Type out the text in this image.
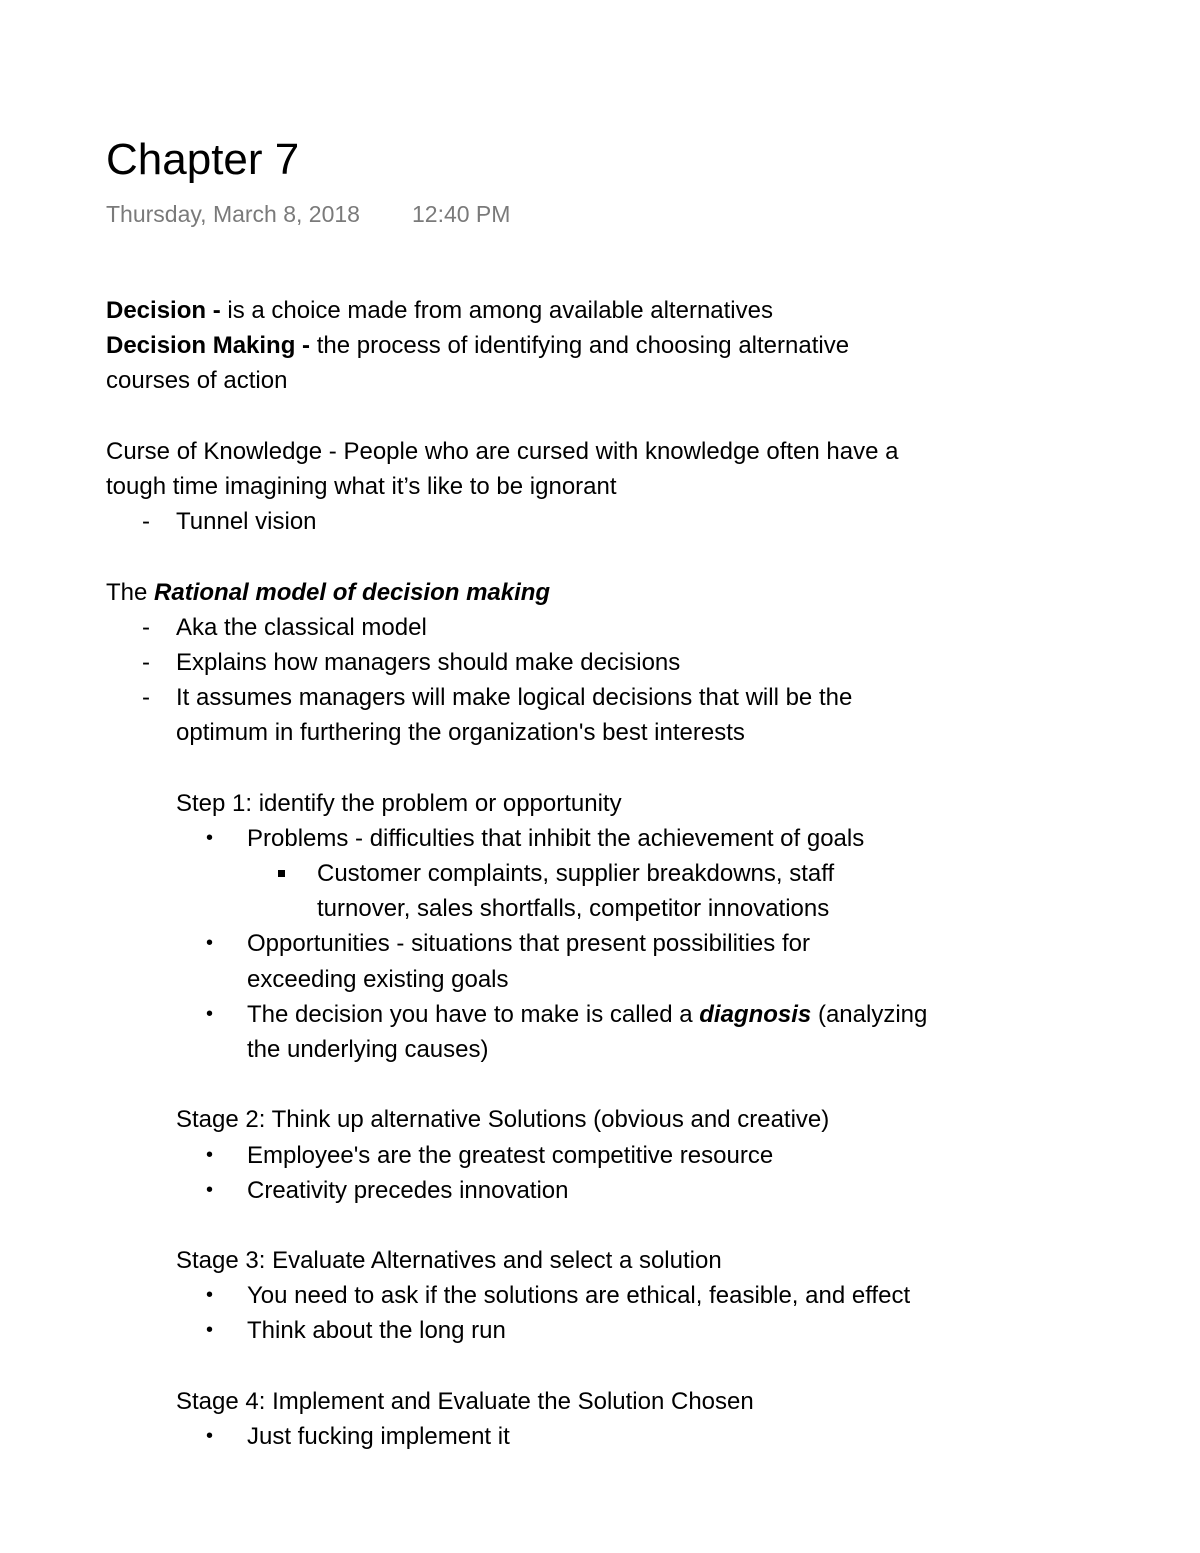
Chapter 7
Thursday, March 8, 2018 12:40 PM
Decision - is a choice made from among available alternatives
Decision Making - the process of identifying and choosing alternative
courses of action
Curse of Knowledge - People who are cursed with knowledge often have a
tough time imagining what it’s like to be ignorant
- Tunnel vision
The Rational model of decision making
- Aka the classical model
- Explains how managers should make decisions
- It assumes managers will make logical decisions that will be the
optimum in furthering the organization's best interests
Step 1: identify the problem or opportunity
• Problems - difficulties that inhibit the achievement of goals
Customer complaints, supplier breakdowns, staff
turnover, sales shortfalls, competitor innovations
• Opportunities - situations that present possibilities for
exceeding existing goals
• The decision you have to make is called a diagnosis (analyzing
the underlying causes)
Stage 2: Think up alternative Solutions (obvious and creative)
• Employee's are the greatest competitive resource
• Creativity precedes innovation
Stage 3: Evaluate Alternatives and select a solution
• You need to ask if the solutions are ethical, feasible, and effect
• Think about the long run
Stage 4: Implement and Evaluate the Solution Chosen
• Just fucking implement it
